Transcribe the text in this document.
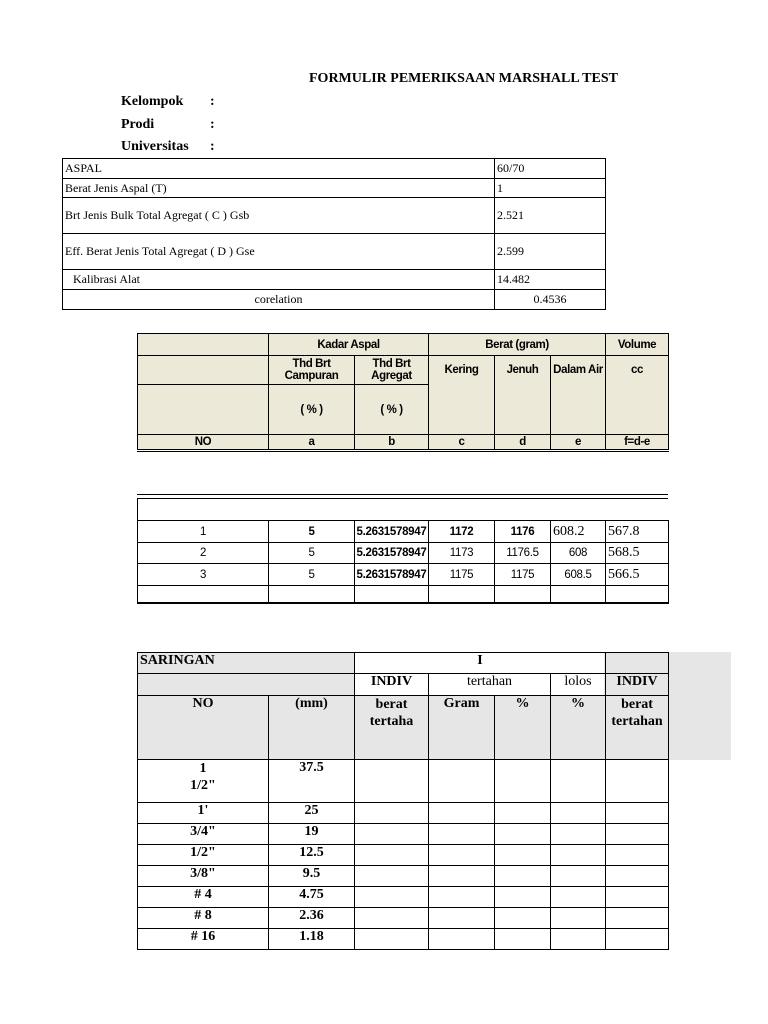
FORMULIR PEMERIKSAAN MARSHALL TEST
Kelompok :
Prodi	:
Universitas :
ASPAL	60/70
Berat Jenis Aspal (T)	1
Brt Jenis Bulk Total Agregat ( C ) Gsb	2.521
Eff. Berat Jenis Total Agregat ( D ) Gse	2.599
Kalibrasi Alat	14.482
corelation	0.4536
	Kadar Aspal		Berat (gram)			Volume
	Thd Brt Campuran	Thd Brt Agregat	Kering	Jenuh	Dalam Air	cc
	( % )	( % )				
NO	a	b	c	d	e	f=d-e
1	5	5.2631578947	1172	1176	608.2	567.8
2	5	5.2631578947	1173	1176.5	608	568.5
3	5	5.2631578947	1175	1175	608.5	566.5

SARINGAN		I				
		INDIV	tertahan		lolos	INDIV
NO	(mm)	berat tertaha	Gram	%	%	berat tertahan
1 1/2"	37.5					
1'	25					
3/4"	19					
1/2"	12.5					
3/8"	9.5					
# 4	4.75					
# 8	2.36					
# 16	1.18					
